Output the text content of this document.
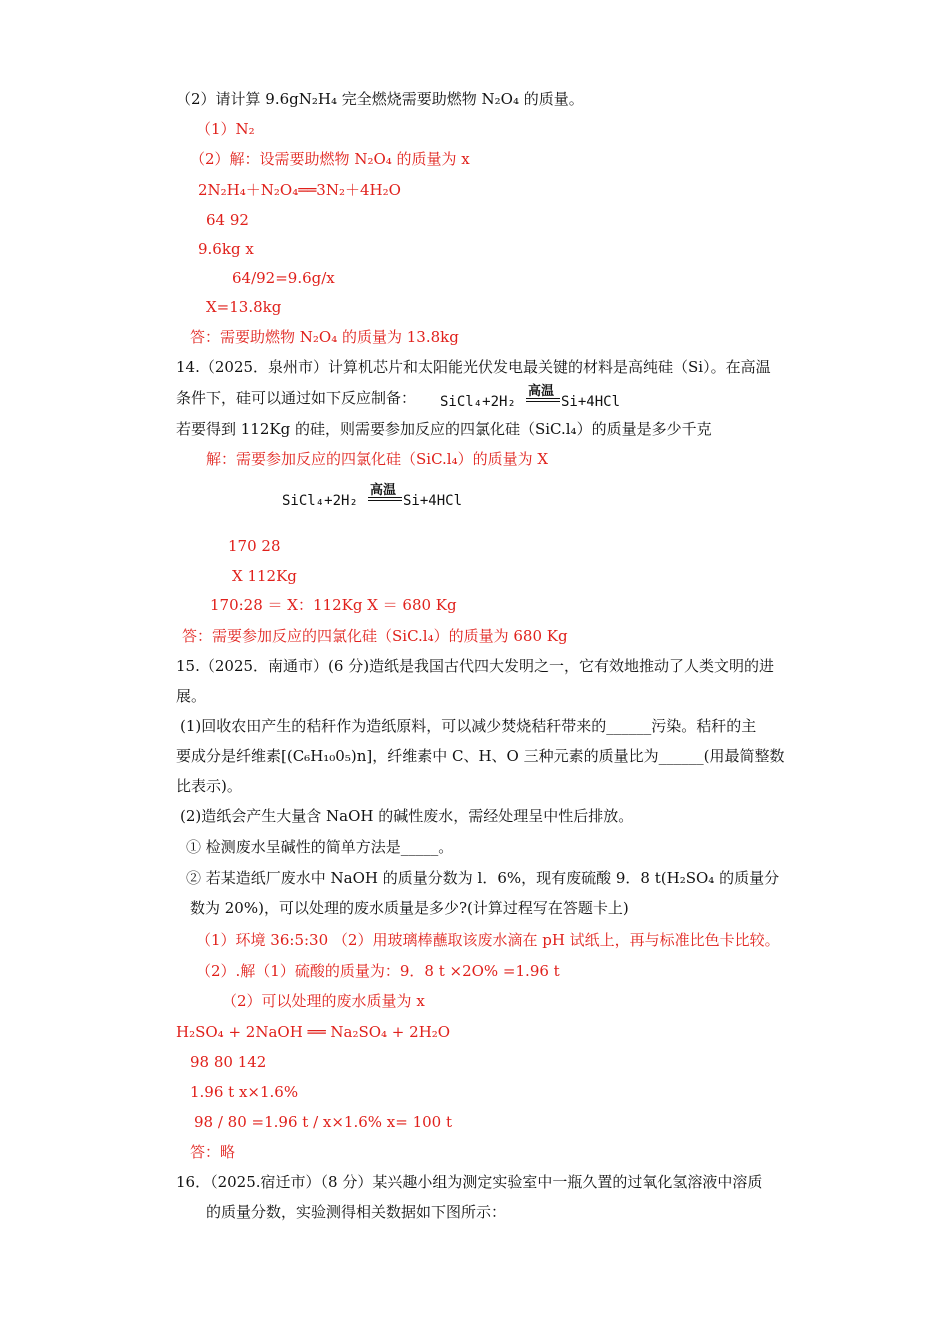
（2）请计算 9.6gN₂H₄ 完全燃烧需要助燃物 N₂O₄ 的质量。
（1）N₂
（2）解：设需要助燃物 N₂O₄ 的质量为 x
2N₂H₄＋N₂O₄══3N₂＋4H₂O
64 92
9.6kg x
64/92=9.6g/x
X=13.8kg
答：需要助燃物 N₂O₄ 的质量为 13.8kg
14.（2025．泉州市）计算机芯片和太阳能光伏发电最关键的材料是高纯硅（Si）。在高温
条件下，硅可以通过如下反应制备： SiCl₄+2H₂
高温
Si+4HCl
若要得到 112Kg 的硅，则需要参加反应的四氯化硅（SiC.l₄）的质量是多少千克
解：需要参加反应的四氯化硅（SiC.l₄）的质量为 X
SiCl₄+2H₂
高温
Si+4HCl
170 28
X 112Kg
170:28 ＝ X：112Kg X ＝ 680 Kg
答：需要参加反应的四氯化硅（SiC.l₄）的质量为 680 Kg
15.（2025．南通市）(6 分)造纸是我国古代四大发明之一，它有效地推动了人类文明的进
展。
(1)回收农田产生的秸秆作为造纸原料，可以减少焚烧秸秆带来的______污染。秸秆的主
要成分是纤维素[(C₆H₁₀0₅)n]，纤维素中 C、H、O 三种元素的质量比为______(用最简整数
比表示)。
(2)造纸会产生大量含 NaOH 的碱性废水，需经处理呈中性后排放。
① 检测废水呈碱性的简单方法是_____。
② 若某造纸厂废水中 NaOH 的质量分数为 l．6%，现有废硫酸 9．8 t(H₂SO₄ 的质量分
数为 20%)，可以处理的废水质量是多少?(计算过程写在答题卡上)
（1）环境 36:5:30 （2）用玻璃棒蘸取该废水滴在 pH 试纸上，再与标准比色卡比较。
（2）.解（1）硫酸的质量为：9．8 t ×2O% =1.96 t
（2）可以处理的废水质量为 x
H₂SO₄ + 2NaOH ══ Na₂SO₄ + 2H₂O
98 80 142
1.96 t x×1.6%
98 / 80 =1.96 t / x×1.6% x= 100 t
答：略
16．（2025.宿迁市）（8 分）某兴趣小组为测定实验室中一瓶久置的过氧化氢溶液中溶质
的质量分数，实验测得相关数据如下图所示：
